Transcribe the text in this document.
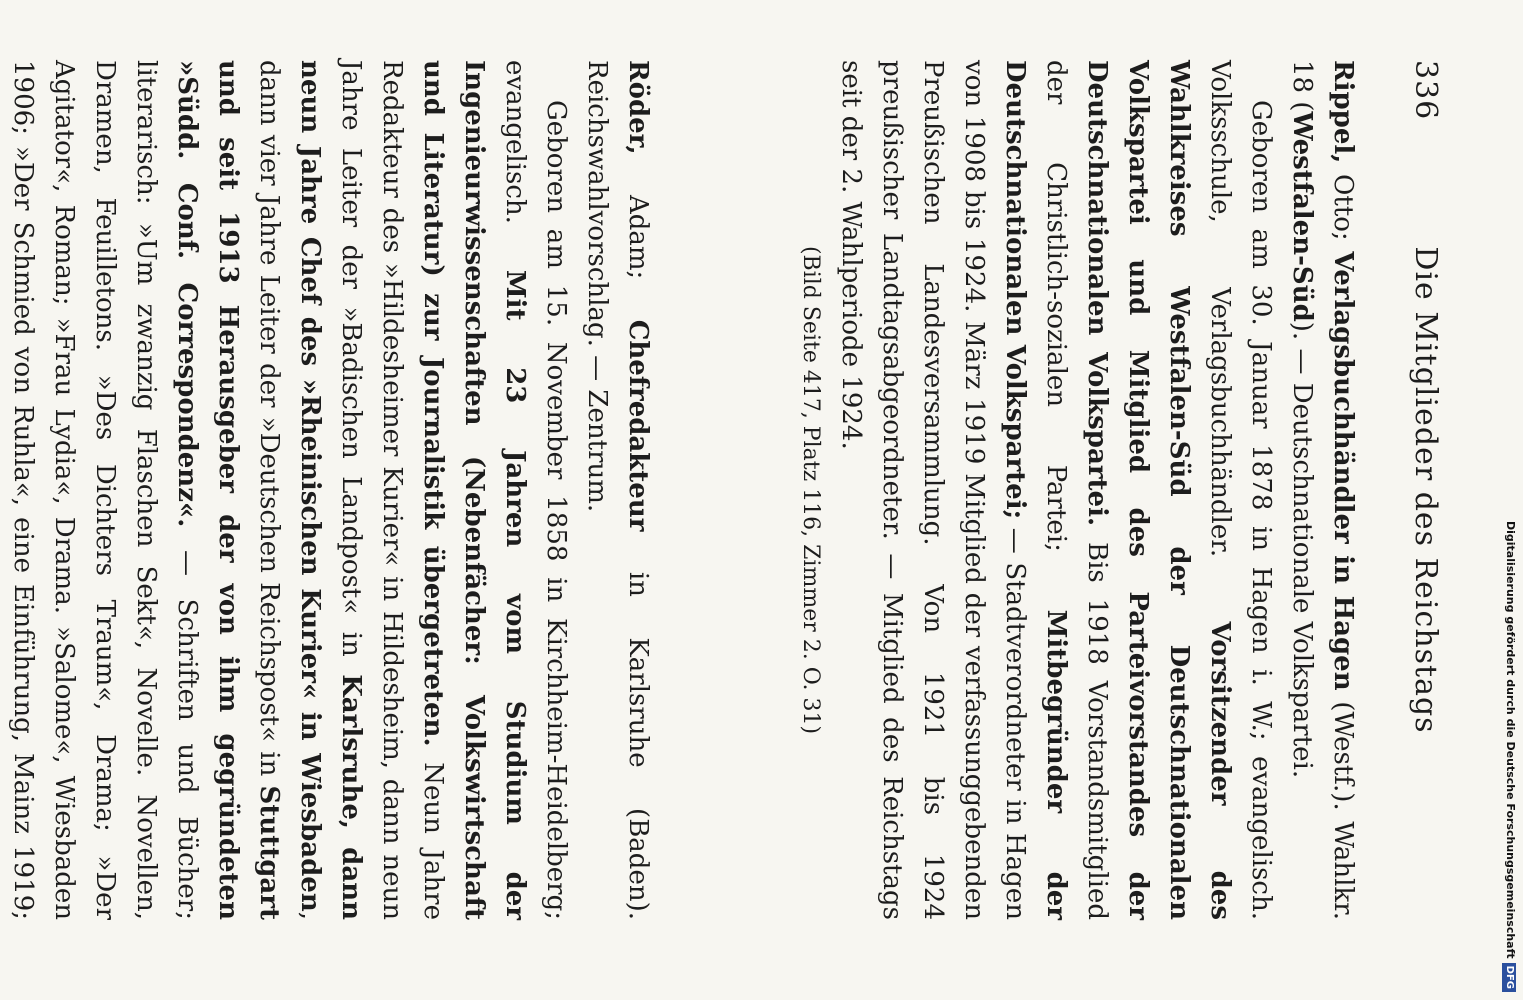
336
Die Mitglieder des Reichstags

Rippel, Otto; Verlagsbuchhändler in Hagen (Westf.). Wahlkr. 18 (Westfalen-Süd). — Deutschnationale Volkspartei.

Geboren am 30. Januar 1878 in Hagen i. W.; evangelisch. Volksschule, Verlagsbuchhändler. Vorsitzender des Wahlkreises Westfalen-Süd der Deutschnationalen Volkspartei und Mitglied des Parteivorstandes der Deutschnationalen Volkspartei. Bis 1918 Vorstandsmitglied der Christlich-sozialen Partei; Mitbegründer der Deutschnationalen Volkspartei; — Stadtverordneter in Hagen von 1908 bis 1924. März 1919 Mitglied der verfassunggebenden Preußischen Landesversammlung. Von 1921 bis 1924 preußischer Landtagsabgeordneter. — Mitglied des Reichstags seit der 2. Wahlperiode 1924.

(Bild Seite 417, Platz 116, Zimmer 2. O. 31)

Röder, Adam; Chefredakteur in Karlsruhe (Baden). Reichswahlvorschlag. — Zentrum.

Geboren am 15. November 1858 in Kirchheim-Heidelberg; evangelisch. Mit 23 Jahren vom Studium der Ingenieurwissenschaften (Nebenfächer: Volkswirtschaft und Literatur) zur Journalistik übergetreten. Neun Jahre Redakteur des »Hildesheimer Kurier« in Hildesheim, dann neun Jahre Leiter der »Badischen Landpost« in Karlsruhe, dann neun Jahre Chef des »Rheinischen Kurier« in Wiesbaden, dann vier Jahre Leiter der »Deutschen Reichspost« in Stuttgart und seit 1913 Herausgeber der von ihm gegründeten »Südd. Conf. Correspondenz«. — Schriften und Bücher; literarisch: »Um zwanzig Flaschen Sekt«, Novelle. Novellen, Dramen, Feuilletons. »Des Dichters Traum«, Drama; »Der Agitator«, Roman; »Frau Lydia«, Drama. »Salome«, Wiesbaden 1906; »Der Schmied von Ruhla«, eine Einführung, Mainz 1919;	Digitalisierung gefördert durch die Deutsche ForschungsgemeinschaftDFG
